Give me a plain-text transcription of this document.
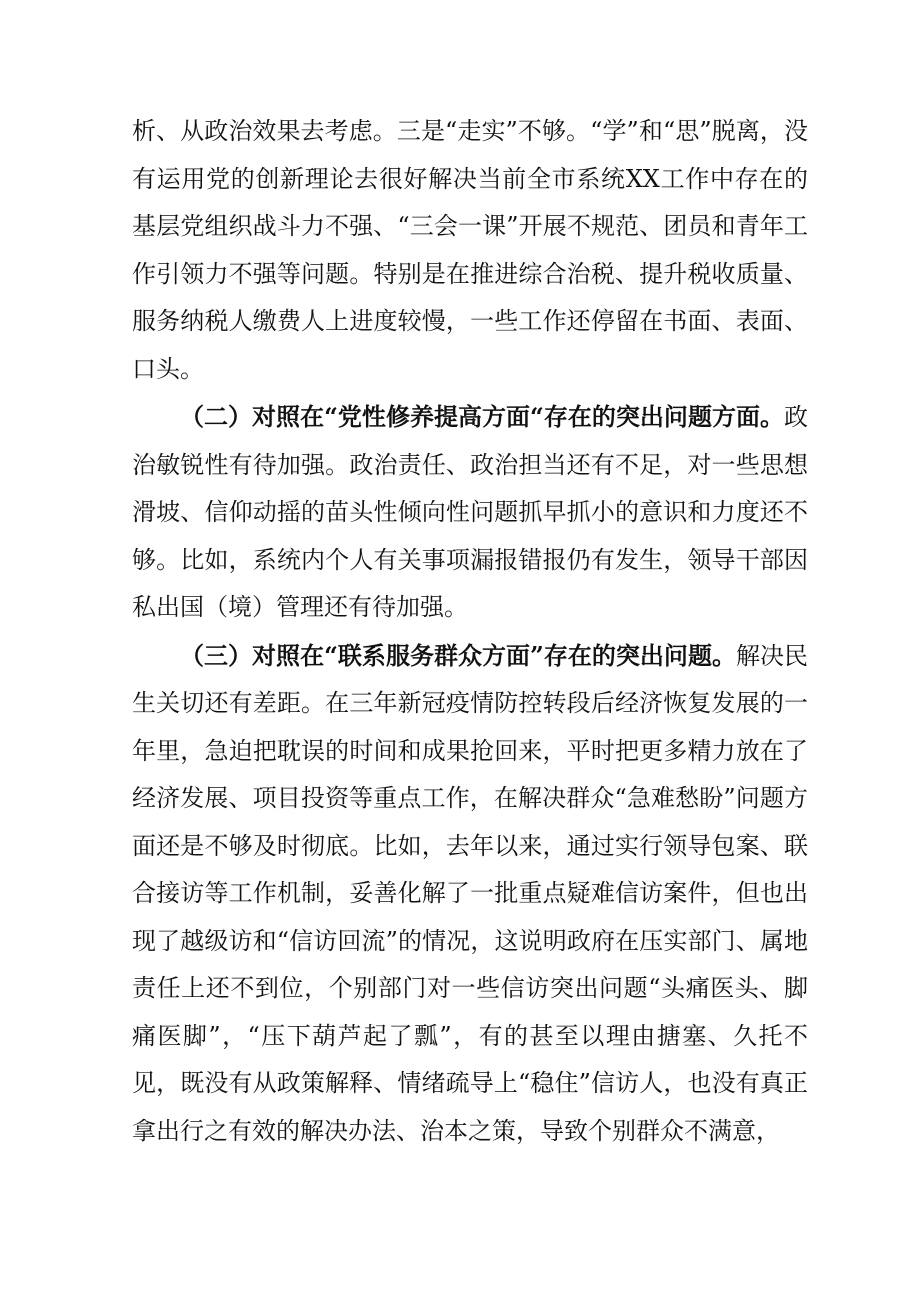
析、从政治效果去考虑。三是“走实”不够。“学”和“思”脱离，没有运用党的创新理论去很好解决当前全市系统XX工作中存在的基层党组织战斗力不强、“三会一课”开展不规范、团员和青年工作引领力不强等问题。特别是在推进综合治税、提升税收质量、服务纳税人缴费人上进度较慢，一些工作还停留在书面、表面、口头。

（二）对照在“党性修养提高方面“存在的突出问题方面。政治敏锐性有待加强。政治责任、政治担当还有不足，对一些思想滑坡、信仰动摇的苗头性倾向性问题抓早抓小的意识和力度还不够。比如，系统内个人有关事项漏报错报仍有发生，领导干部因私出国（境）管理还有待加强。

（三）对照在“联系服务群众方面”存在的突出问题。解决民生关切还有差距。在三年新冠疫情防控转段后经济恢复发展的一年里，急迫把耽误的时间和成果抢回来，平时把更多精力放在了经济发展、项目投资等重点工作，在解决群众“急难愁盼”问题方面还是不够及时彻底。比如，去年以来，通过实行领导包案、联合接访等工作机制，妥善化解了一批重点疑难信访案件，但也出现了越级访和“信访回流”的情况，这说明政府在压实部门、属地责任上还不到位，个别部门对一些信访突出问题“头痛医头、脚痛医脚”，“压下葫芦起了瓢”，有的甚至以理由搪塞、久托不见，既没有从政策解释、情绪疏导上“稳住”信访人，也没有真正拿出行之有效的解决办法、治本之策，导致个别群众不满意，
